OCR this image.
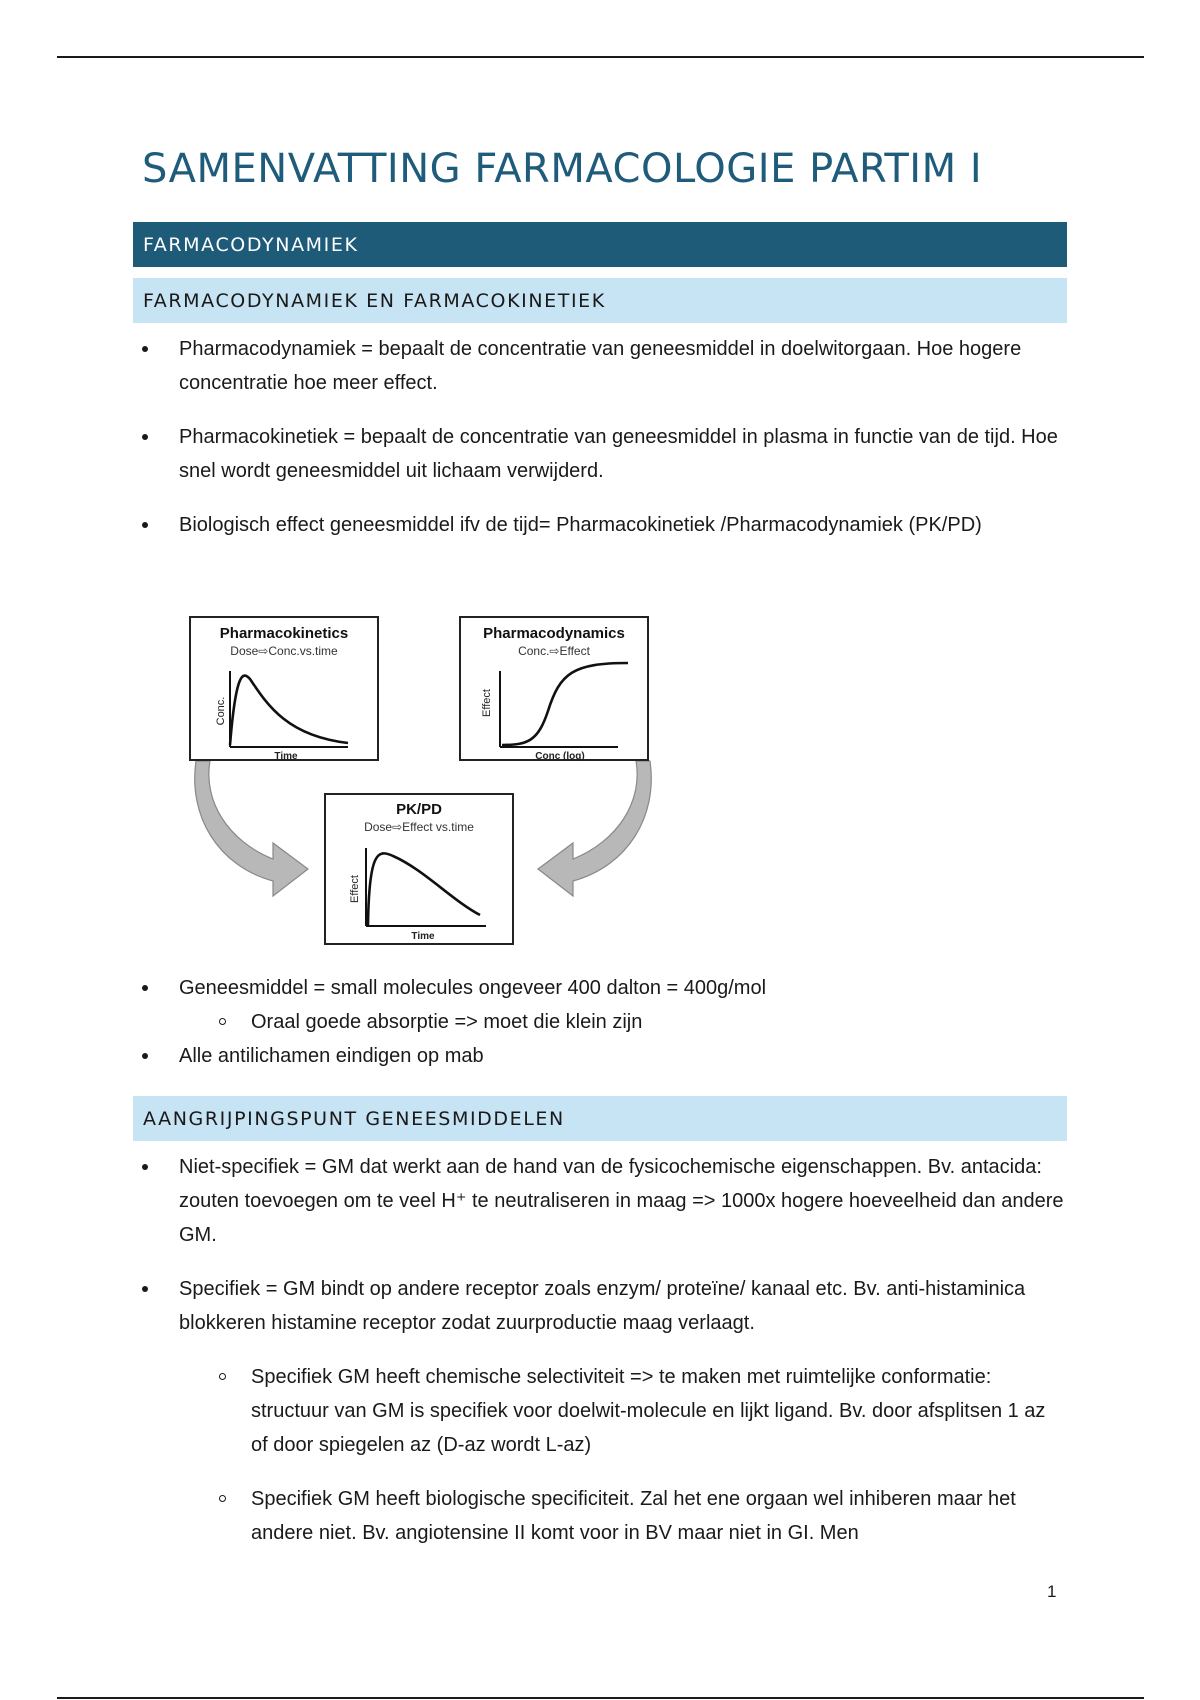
SAMENVATTING FARMACOLOGIE PARTIM I
FARMACODYNAMIEK
FARMACODYNAMIEK EN FARMACOKINETIEK
Pharmacodynamiek = bepaalt de concentratie van geneesmiddel in doelwitorgaan. Hoe hogere concentratie hoe meer effect.
Pharmacokinetiek = bepaalt de concentratie van geneesmiddel in plasma in functie van de tijd. Hoe snel wordt geneesmiddel uit lichaam verwijderd.
Biologisch effect geneesmiddel ifv de tijd= Pharmacokinetiek /Pharmacodynamiek (PK/PD)
Pharmacokinetics
Dose⇨Conc.vs.time
Conc.
Time
Pharmacodynamics
Conc.⇨Effect
Effect
Conc (log)
PK/PD
Dose⇨Effect vs.time
Effect
Time
Geneesmiddel = small molecules ongeveer 400 dalton = 400g/mol
Oraal goede absorptie => moet die klein zijn
Alle antilichamen eindigen op mab
AANGRIJPINGSPUNT GENEESMIDDELEN
Niet-specifiek = GM dat werkt aan de hand van de fysicochemische eigenschappen. Bv. antacida: zouten toevoegen om te veel H⁺ te neutraliseren in maag => 1000x hogere hoeveelheid dan andere GM.
Specifiek = GM bindt op andere receptor zoals enzym/ proteïne/ kanaal etc. Bv. anti-histaminica blokkeren histamine receptor zodat zuurproductie maag verlaagt.
Specifiek GM heeft chemische selectiviteit => te maken met ruimtelijke conformatie: structuur van GM is specifiek voor doelwit-molecule en lijkt ligand. Bv. door afsplitsen 1 az of door spiegelen az (D-az wordt L-az)
Specifiek GM heeft biologische specificiteit. Zal het ene orgaan wel inhiberen maar het andere niet. Bv. angiotensine II komt voor in BV maar niet in GI. Men
1
